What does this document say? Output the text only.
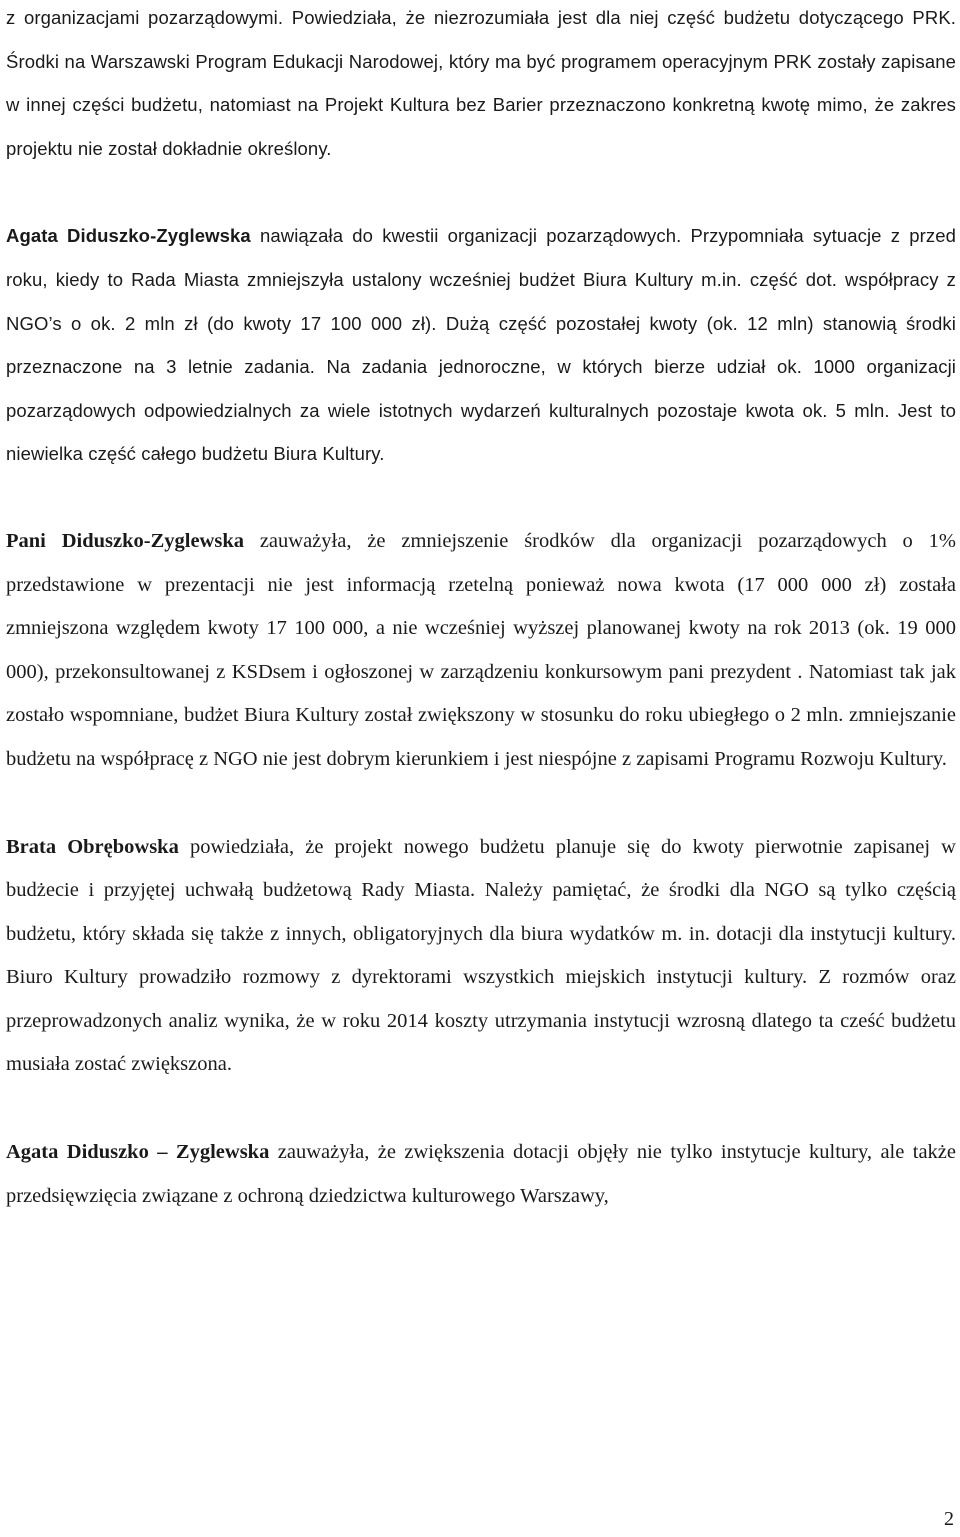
z organizacjami pozarządowymi. Powiedziała, że niezrozumiała jest dla niej część budżetu dotyczącego PRK. Środki na Warszawski Program Edukacji Narodowej, który ma być programem operacyjnym PRK zostały zapisane w innej części budżetu, natomiast na Projekt Kultura bez Barier przeznaczono konkretną kwotę mimo, że zakres projektu nie został dokładnie określony.

Agata Diduszko-Zyglewska nawiązała do kwestii organizacji pozarządowych. Przypomniała sytuacje z przed roku, kiedy to Rada Miasta zmniejszyła ustalony wcześniej budżet Biura Kultury m.in. część dot. współpracy z NGO’s o ok. 2 mln zł (do kwoty 17 100 000 zł). Dużą część pozostałej kwoty (ok. 12 mln) stanowią środki przeznaczone na 3 letnie zadania. Na zadania jednoroczne, w których bierze udział ok. 1000 organizacji pozarządowych odpowiedzialnych za wiele istotnych wydarzeń kulturalnych pozostaje kwota ok. 5 mln. Jest to niewielka część całego budżetu Biura Kultury.

Pani Diduszko-Zyglewska zauważyła, że zmniejszenie środków dla organizacji pozarządowych o 1% przedstawione w prezentacji nie jest informacją rzetelną ponieważ nowa kwota (17 000 000 zł) została zmniejszona względem kwoty 17 100 000, a nie wcześniej wyższej planowanej kwoty na rok 2013 (ok. 19 000 000), przekonsultowanej z KSDsem i ogłoszonej w zarządzeniu konkursowym pani prezydent . Natomiast tak jak zostało wspomniane, budżet Biura Kultury został zwiększony w stosunku do roku ubiegłego o 2 mln. zmniejszanie budżetu na współpracę z NGO nie jest dobrym kierunkiem i jest niespójne z zapisami Programu Rozwoju Kultury.

Brata Obrębowska powiedziała, że projekt nowego budżetu planuje się do kwoty pierwotnie zapisanej w budżecie i przyjętej uchwałą budżetową Rady Miasta. Należy pamiętać, że środki dla NGO są tylko częścią budżetu, który składa się także z innych, obligatoryjnych dla biura wydatków m. in. dotacji dla instytucji kultury. Biuro Kultury prowadziło rozmowy z dyrektorami wszystkich miejskich instytucji kultury. Z rozmów oraz przeprowadzonych analiz wynika, że w roku 2014 koszty utrzymania instytucji wzrosną dlatego ta cześć budżetu musiała zostać zwiększona.

Agata Diduszko – Zyglewska zauważyła, że zwiększenia dotacji objęły nie tylko instytucje kultury, ale także przedsięwzięcia związane z ochroną dziedzictwa kulturowego Warszawy,

2
